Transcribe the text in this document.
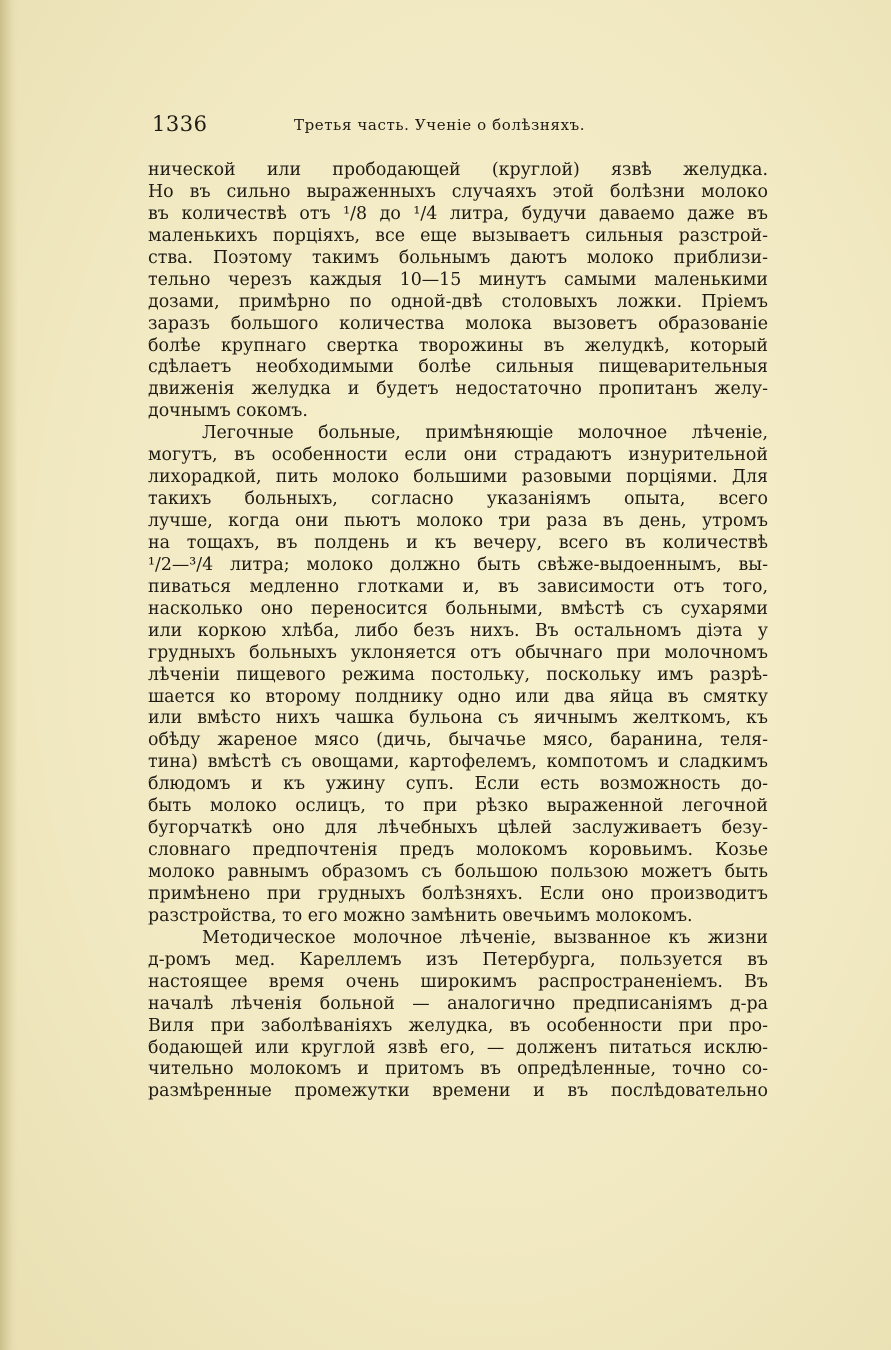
1336	Третья часть. Ученіе о болѣзняхъ.
нической или прободающей (круглой) язвѣ желудка.
Но въ сильно выраженныхъ случаяхъ этой болѣзни молоко
въ количествѣ отъ ¹/8 до ¹/4 литра, будучи даваемо даже въ
маленькихъ порціяхъ, все еще вызываетъ сильныя разстрой-
ства. Поэтому такимъ больнымъ даютъ молоко приблизи-
тельно черезъ каждыя 10—15 минутъ самыми маленькими
дозами, примѣрно по одной-двѣ столовыхъ ложки. Пріемъ
заразъ большого количества молока вызоветъ образованіе
болѣе крупнаго свертка творожины въ желудкѣ, который
сдѣлаетъ необходимыми болѣе сильныя пищеварительныя
движенія желудка и будетъ недостаточно пропитанъ желу-
дочнымъ сокомъ.
Легочные больные, примѣняющіе молочное лѣченіе,
могутъ, въ особенности если они страдаютъ изнурительной
лихорадкой, пить молоко большими разовыми порціями. Для
такихъ больныхъ, согласно указаніямъ опыта, всего
лучше, когда они пьютъ молоко три раза въ день, утромъ
на тощахъ, въ полдень и къ вечеру, всего въ количествѣ
¹/2—³/4 литра; молоко должно быть свѣже-выдоеннымъ, вы-
пиваться медленно глотками и, въ зависимости отъ того,
насколько оно переносится больными, вмѣстѣ съ сухарями
или коркою хлѣба, либо безъ нихъ. Въ остальномъ діэта у
грудныхъ больныхъ уклоняется отъ обычнаго при молочномъ
лѣченіи пищевого режима постольку, поскольку имъ разрѣ-
шается ко второму полднику одно или два яйца въ смятку
или вмѣсто нихъ чашка бульона съ яичнымъ желткомъ, къ
обѣду жареное мясо (дичь, бычачье мясо, баранина, теля-
тина) вмѣстѣ съ овощами, картофелемъ, компотомъ и сладкимъ
блюдомъ и къ ужину супъ. Если есть возможность до-
быть молоко ослицъ, то при рѣзко выраженной легочной
бугорчаткѣ оно для лѣчебныхъ цѣлей заслуживаетъ безу-
словнаго предпочтенія предъ молокомъ коровьимъ. Козье
молоко равнымъ образомъ съ большою пользою можетъ быть
примѣнено при грудныхъ болѣзняхъ. Если оно производитъ
разстройства, то его можно замѣнить овечьимъ молокомъ.
Методическое молочное лѣченіе, вызванное къ жизни
д-ромъ мед. Кареллемъ изъ Петербурга, пользуется въ
настоящее время очень широкимъ распространеніемъ. Въ
началѣ лѣченія больной — аналогично предписаніямъ д-ра
Виля при заболѣваніяхъ желудка, въ особенности при про-
бодающей или круглой язвѣ его, — долженъ питаться исклю-
чительно молокомъ и притомъ въ опредѣленные, точно со-
размѣренные промежутки времени и въ послѣдовательно
